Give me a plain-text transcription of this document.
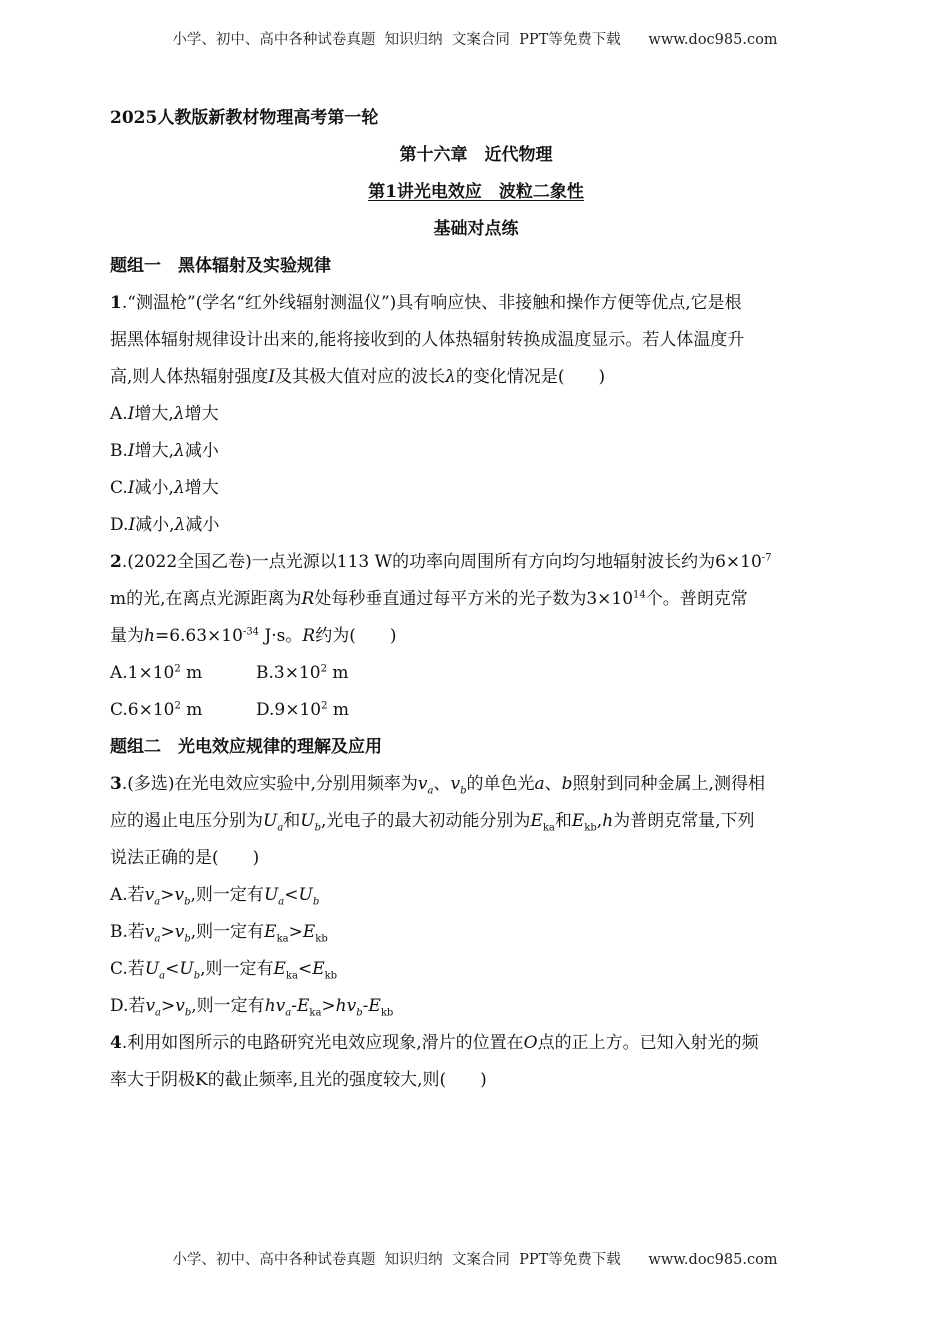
小学、初中、高中各种试卷真题  知识归纳  文案合同  PPT等免费下载      www.doc985.com
2025人教版新教材物理高考第一轮
第十六章　近代物理
第1讲光电效应　波粒二象性
基础对点练
题组一　黑体辐射及实验规律
1.“测温枪”(学名“红外线辐射测温仪”)具有响应快、非接触和操作方便等优点,它是根
据黑体辐射规律设计出来的,能将接收到的人体热辐射转换成温度显示。若人体温度升
高,则人体热辐射强度I及其极大值对应的波长λ的变化情况是(　　)
A.I增大,λ增大
B.I增大,λ减小
C.I减小,λ增大
D.I减小,λ减小
2.(2022全国乙卷)一点光源以113 W的功率向周围所有方向均匀地辐射波长约为$6\times 10^{-7}$
m的光,在离点光源距离为R处每秒垂直通过每平方米的光子数为$3\times 10^{14}$个。普朗克常
量为$h=6.63\times 10^{-34}$ J·s。R约为(　　)
$A.1\times 10^2$ m	$B.3\times 10^2$ m
$C.6\times 10^2$ m	$D.9\times 10^2$ m
题组二　光电效应规律的理解及应用
3.(多选)在光电效应实验中,分别用频率为$v_a$、$v_b$的单色光a、b照射到同种金属上,测得相
应的遏止电压分别为$U_a$和$U_b$,光电子的最大初动能分别为$E_{ka}$和$E_{kb},h$为普朗克常量,下列
说法正确的是(　　)
A.若$v_a>v_b$,则一定有$U_a<U_b$
B.若$v_a>v_b$,则一定有$E_{ka}>E_{kb}$
C.若$U_a<U_b$,则一定有$E_{ka}<E_{kb}$
D.若$v_a>v_b$,则一定有$hv_a-E_{ka}>hv_b-E_{kb}$
4.利用如图所示的电路研究光电效应现象,滑片的位置在O点的正上方。已知入射光的频
率大于阴极K的截止频率,且光的强度较大,则(　　)
小学、初中、高中各种试卷真题  知识归纳  文案合同  PPT等免费下载      www.doc985.com
